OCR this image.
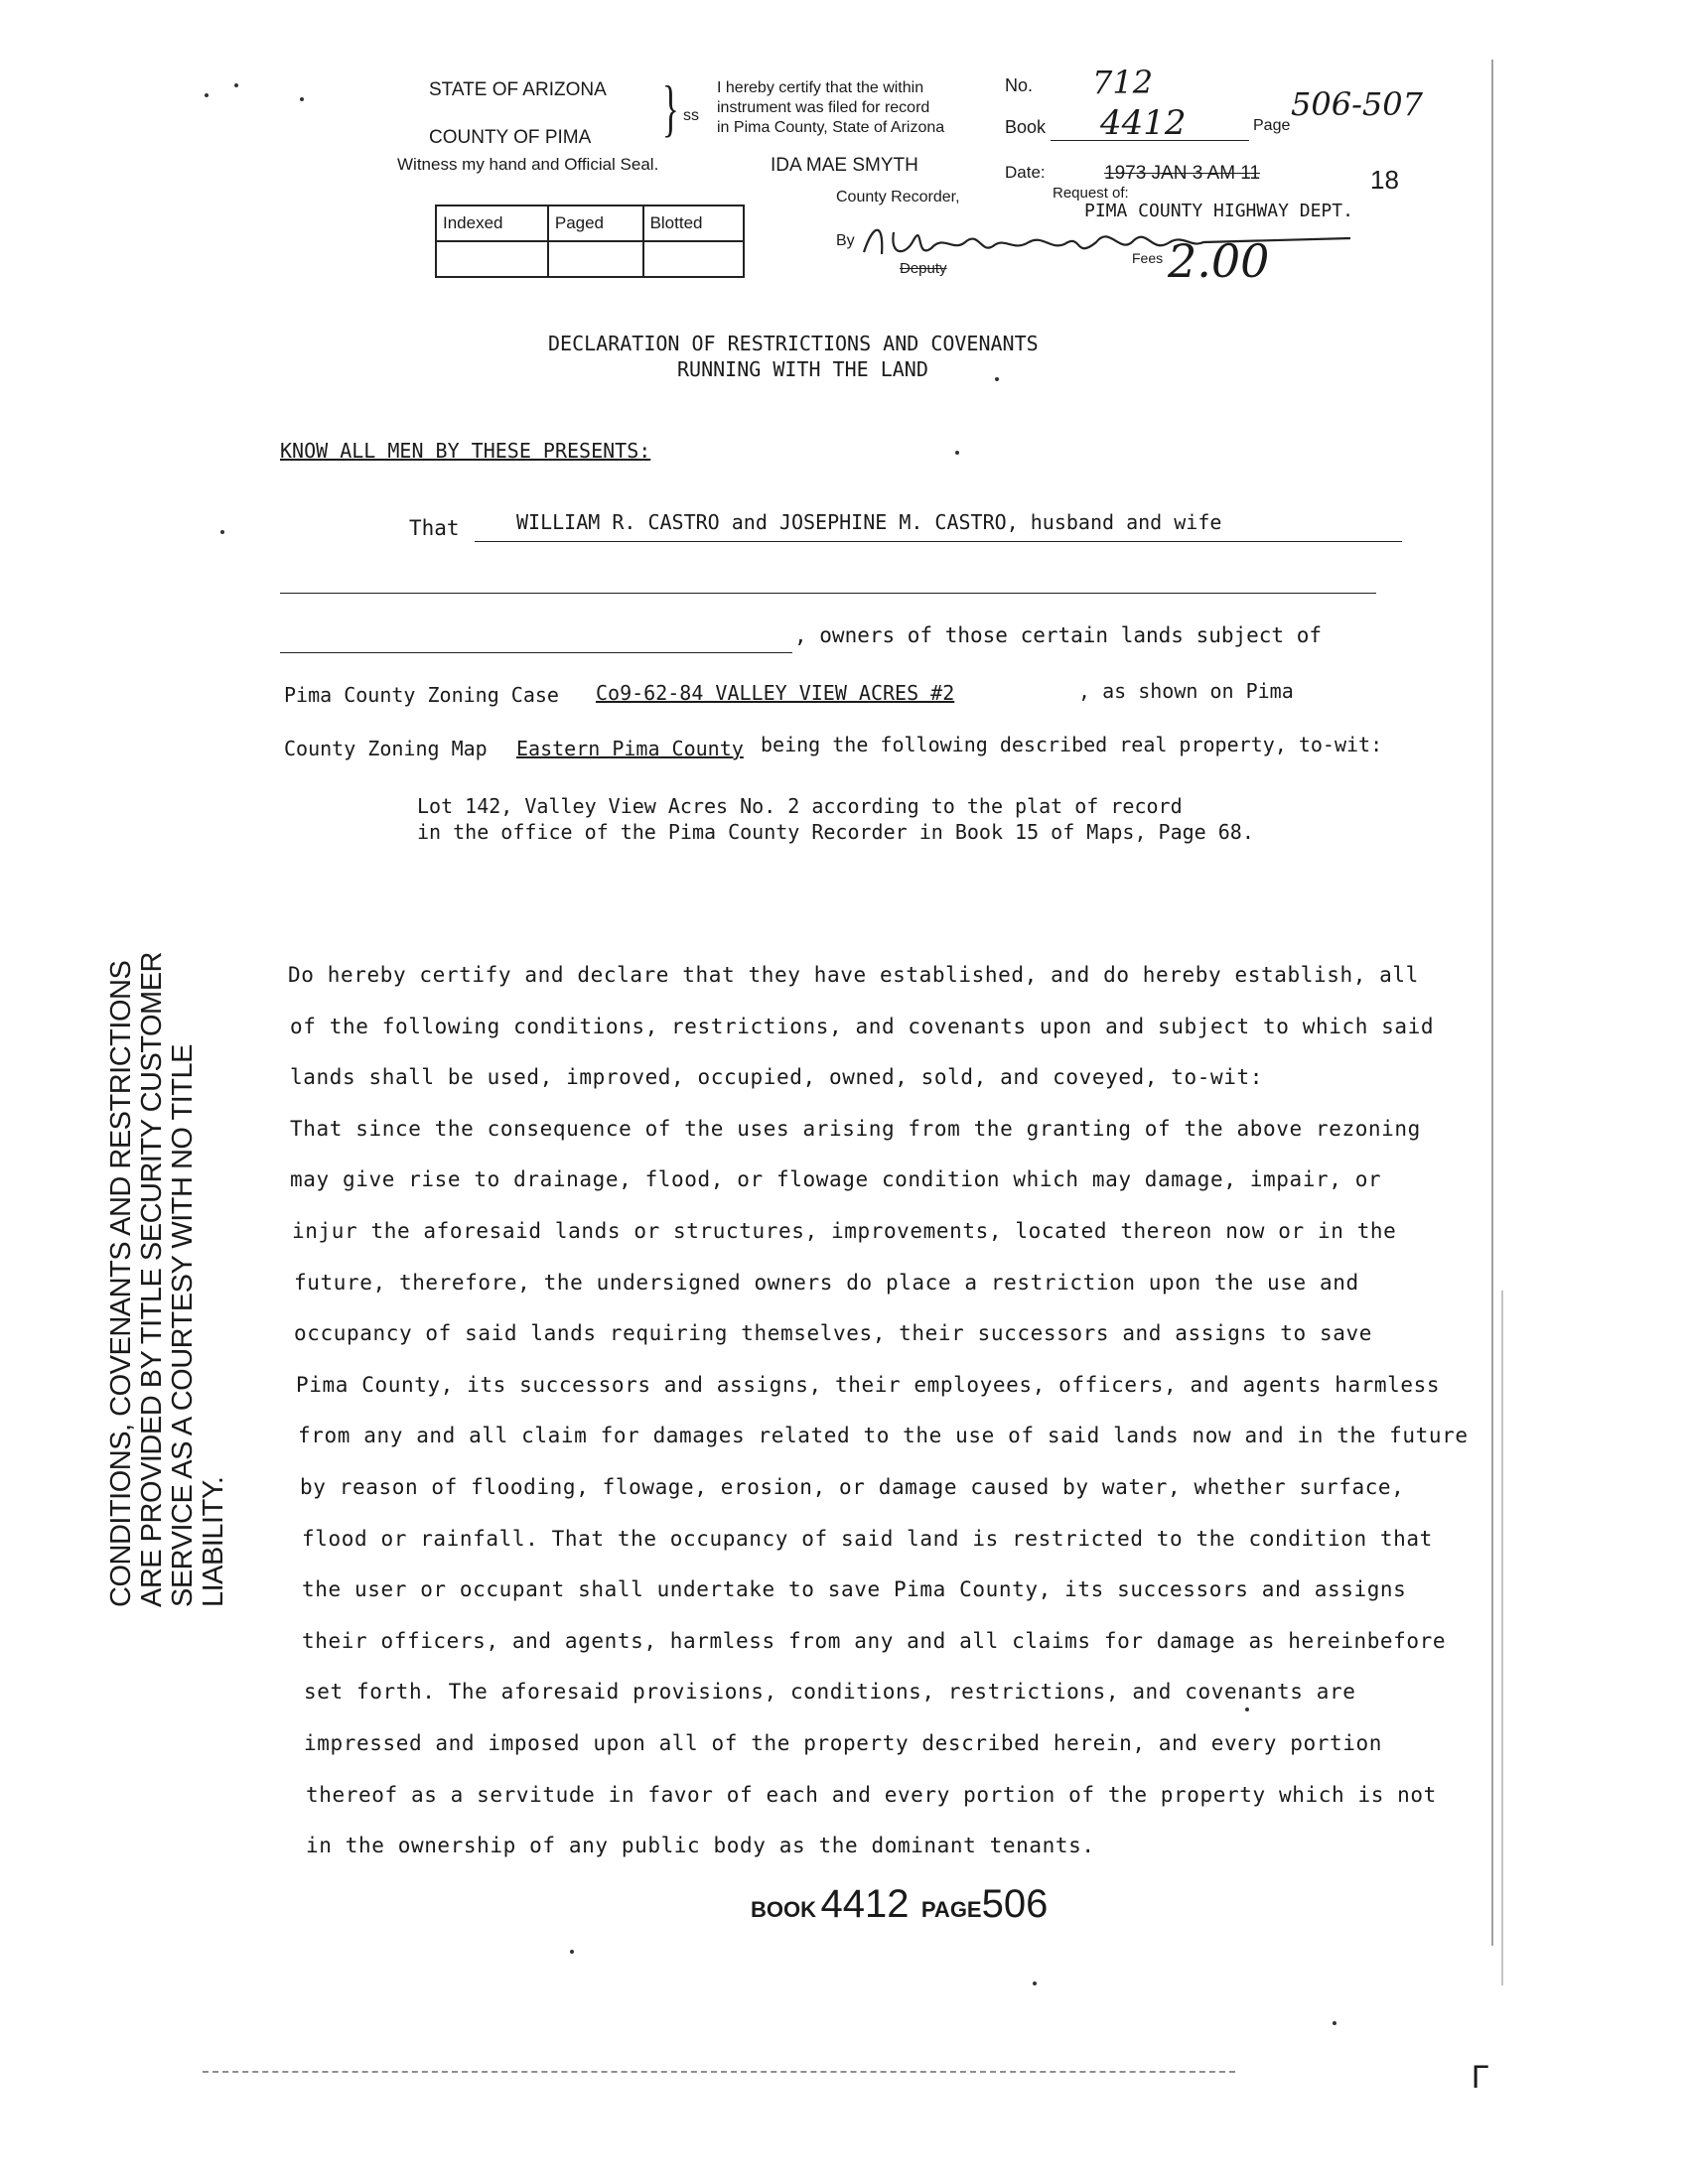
STATE OF ARIZONA
COUNTY OF PIMA } ss
I hereby certify that the within
instrument was filed for record
in Pima County, State of Arizona
Witness my hand and Official Seal.
No. 712
Book 4412	Page
506-507
IDA MAE SMYTH
County Recorder,
Date:	1973 JAN 3 AM 11	18
Request of:
PIMA COUNTY HIGHWAY DEPT.
By
Deputy
Fees 2.00
Indexed	Paged	Blotted

DECLARATION OF RESTRICTIONS AND COVENANTS
RUNNING WITH THE LAND
KNOW ALL MEN BY THESE PRESENTS:
That	WILLIAM R. CASTRO and JOSEPHINE M. CASTRO, husband and wife
, owners of those certain lands subject of
Pima County Zoning Case Co9-62-84 VALLEY VIEW ACRES #2	, as shown on Pima
County Zoning Map Eastern Pima County being the following described real property, to-wit:
Lot 142, Valley View Acres No. 2 according to the plat of record
in the office of the Pima County Recorder in Book 15 of Maps, Page 68.
Do hereby certify and declare that they have established, and do hereby establish, all
of the following conditions, restrictions, and covenants upon and subject to which said
lands shall be used, improved, occupied, owned, sold, and coveyed, to-wit:
That since the consequence of the uses arising from the granting of the above rezoning
may give rise to drainage, flood, or flowage condition which may damage, impair, or
injur the aforesaid lands or structures, improvements, located thereon now or in the
future, therefore, the undersigned owners do place a restriction upon the use and
occupancy of said lands requiring themselves, their successors and assigns to save
Pima County, its successors and assigns, their employees, officers, and agents harmless
from any and all claim for damages related to the use of said lands now and in the future
by reason of flooding, flowage, erosion, or damage caused by water, whether surface,
flood or rainfall. That the occupancy of said land is restricted to the condition that
the user or occupant shall undertake to save Pima County, its successors and assigns
their officers, and agents, harmless from any and all claims for damage as hereinbefore
set forth. The aforesaid provisions, conditions, restrictions, and covenants are
impressed and imposed upon all of the property described herein, and every portion
thereof as a servitude in favor of each and every portion of the property which is not
in the ownership of any public body as the dominant tenants.
BOOK 4412 PAGE506
CONDITIONS, COVENANTS AND RESTRICTIONS ARE PROVIDED BY TITLE SECURITY CUSTOMER SERVICE AS A COURTESY WITH NO TITLE LIABILITY.
Г
